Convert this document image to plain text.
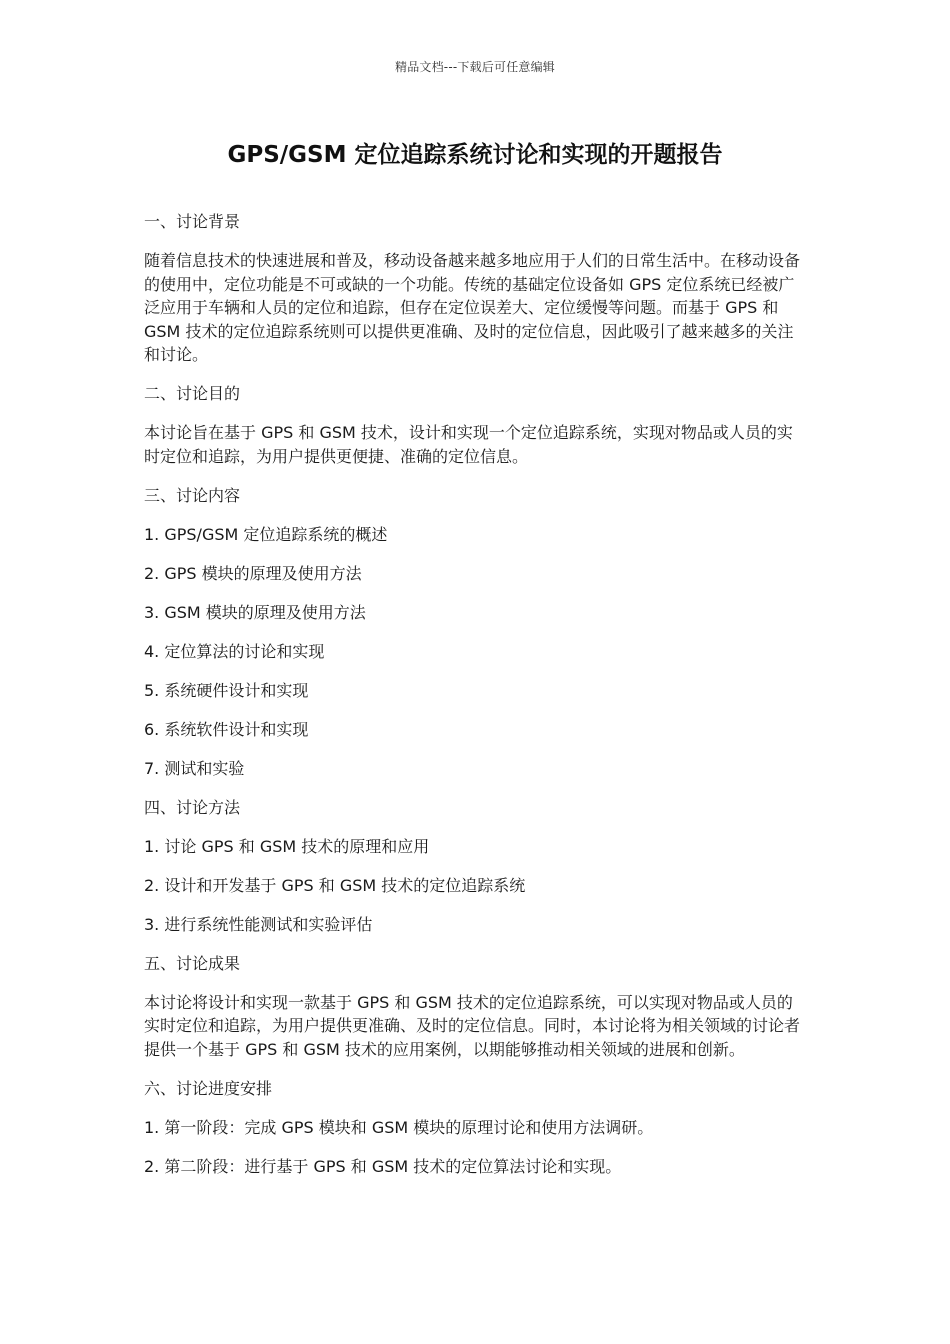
精品文档---下载后可任意编辑
GPS/GSM 定位追踪系统讨论和实现的开题报告

一、讨论背景

随着信息技术的快速进展和普及，移动设备越来越多地应用于人们的日常生活中。在移动设备的使用中，定位功能是不可或缺的一个功能。传统的基础定位设备如 GPS 定位系统已经被广泛应用于车辆和人员的定位和追踪，但存在定位误差大、定位缓慢等问题。而基于 GPS 和 GSM 技术的定位追踪系统则可以提供更准确、及时的定位信息，因此吸引了越来越多的关注和讨论。

二、讨论目的

本讨论旨在基于 GPS 和 GSM 技术，设计和实现一个定位追踪系统，实现对物品或人员的实时定位和追踪，为用户提供更便捷、准确的定位信息。

三、讨论内容

1. GPS/GSM 定位追踪系统的概述

2. GPS 模块的原理及使用方法

3. GSM 模块的原理及使用方法

4. 定位算法的讨论和实现

5. 系统硬件设计和实现

6. 系统软件设计和实现

7. 测试和实验

四、讨论方法

1. 讨论 GPS 和 GSM 技术的原理和应用

2. 设计和开发基于 GPS 和 GSM 技术的定位追踪系统

3. 进行系统性能测试和实验评估

五、讨论成果

本讨论将设计和实现一款基于 GPS 和 GSM 技术的定位追踪系统，可以实现对物品或人员的实时定位和追踪，为用户提供更准确、及时的定位信息。同时，本讨论将为相关领域的讨论者提供一个基于 GPS 和 GSM 技术的应用案例，以期能够推动相关领域的进展和创新。

六、讨论进度安排

1. 第一阶段：完成 GPS 模块和 GSM 模块的原理讨论和使用方法调研。

2. 第二阶段：进行基于 GPS 和 GSM 技术的定位算法讨论和实现。
